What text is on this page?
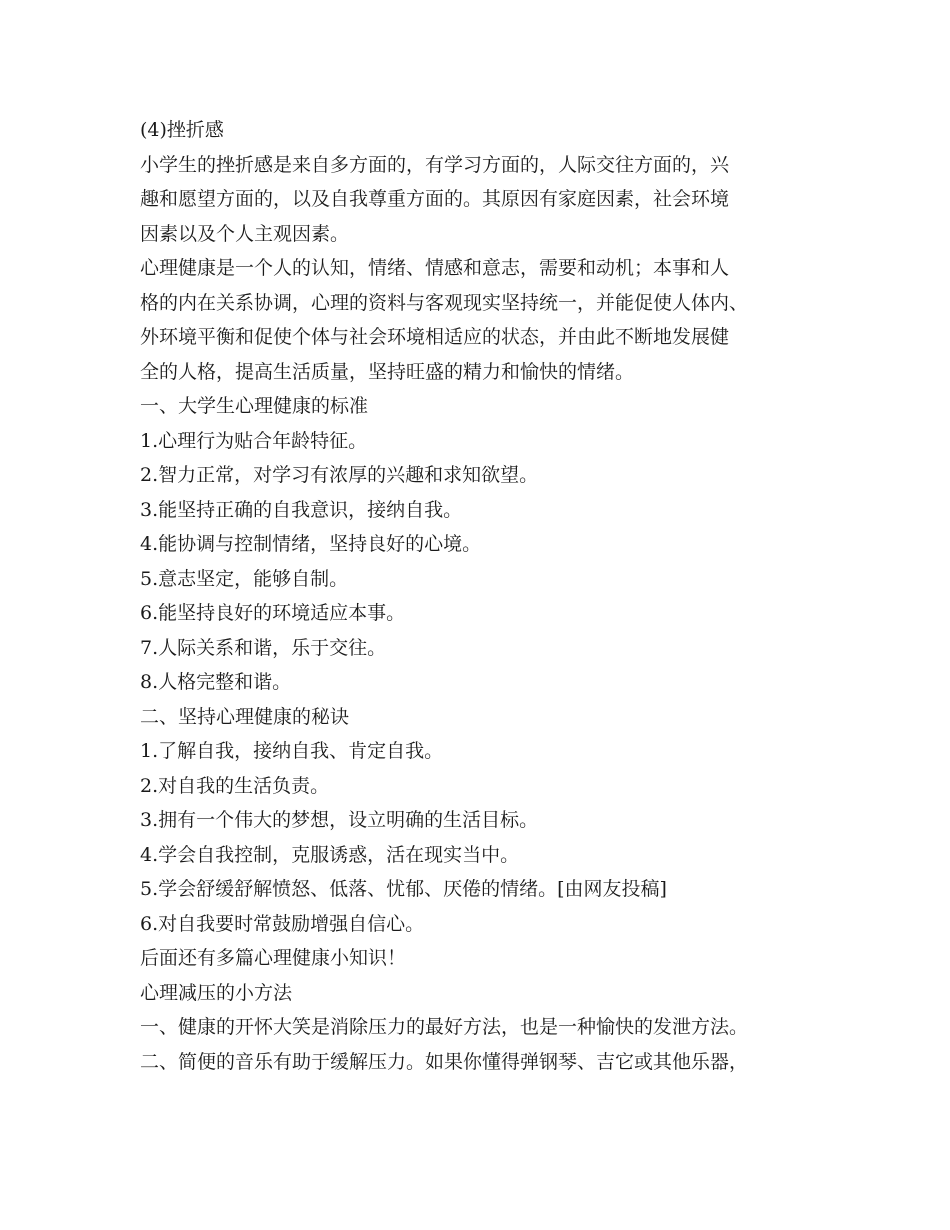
(4)挫折感

小学生的挫折感是来自多方面的，有学习方面的，人际交往方面的，兴

趣和愿望方面的，以及自我尊重方面的。其原因有家庭因素，社会环境

因素以及个人主观因素。

心理健康是一个人的认知，情绪、情感和意志，需要和动机；本事和人

格的内在关系协调，心理的资料与客观现实坚持统一，并能促使人体内、

外环境平衡和促使个体与社会环境相适应的状态，并由此不断地发展健

全的人格，提高生活质量，坚持旺盛的精力和愉快的情绪。

一、大学生心理健康的标准

1.心理行为贴合年龄特征。

2.智力正常，对学习有浓厚的兴趣和求知欲望。

3.能坚持正确的自我意识，接纳自我。

4.能协调与控制情绪，坚持良好的心境。

5.意志坚定，能够自制。

6.能坚持良好的环境适应本事。

7.人际关系和谐，乐于交往。

8.人格完整和谐。

二、坚持心理健康的秘诀

1.了解自我，接纳自我、肯定自我。

2.对自我的生活负责。

3.拥有一个伟大的梦想，设立明确的生活目标。

4.学会自我控制，克服诱惑，活在现实当中。

5.学会舒缓舒解愤怒、低落、忧郁、厌倦的情绪。[由网友投稿]

6.对自我要时常鼓励增强自信心。

后面还有多篇心理健康小知识！

心理减压的小方法

一、健康的开怀大笑是消除压力的最好方法，也是一种愉快的发泄方法。

二、简便的音乐有助于缓解压力。如果你懂得弹钢琴、吉它或其他乐器，
